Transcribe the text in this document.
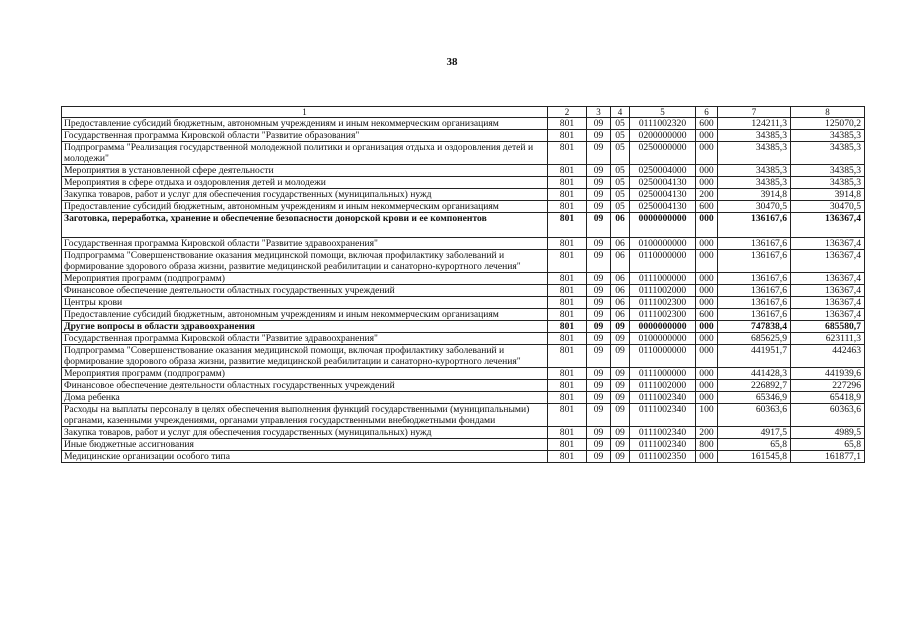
38
1	2	3	4	5	6	7	8
Предоставление субсидий бюджетным, автономным учреждениям и иным некоммерческим организациям	801	09	05	0111002320	600	124211,3	125070,2
Государственная программа Кировской области "Развитие образования"	801	09	05	0200000000	000	34385,3	34385,3
Подпрограмма "Реализация государственной молодежной политики и организация отдыха и оздоровления детей и молодежи"	801	09	05	0250000000	000	34385,3	34385,3
Мероприятия в установленной сфере деятельности	801	09	05	0250004000	000	34385,3	34385,3
Мероприятия в сфере отдыха и оздоровления детей и молодежи	801	09	05	0250004130	000	34385,3	34385,3
Закупка товаров, работ и услуг для обеспечения государственных (муниципальных) нужд	801	09	05	0250004130	200	3914,8	3914,8
Предоставление субсидий бюджетным, автономным учреждениям и иным некоммерческим организациям	801	09	05	0250004130	600	30470,5	30470,5
Заготовка, переработка, хранение и обеспечение безопасности донорской крови и ее компонентов	801	09	06	0000000000	000	136167,6	136367,4
Государственная программа Кировской области "Развитие здравоохранения"	801	09	06	0100000000	000	136167,6	136367,4
Подпрограмма "Совершенствование оказания медицинской помощи, включая профилактику заболеваний и формирование здорового образа жизни, развитие медицинской реабилитации и санаторно-курортного лечения"	801	09	06	0110000000	000	136167,6	136367,4
Мероприятия программ (подпрограмм)	801	09	06	0111000000	000	136167,6	136367,4
Финансовое обеспечение деятельности областных государственных учреждений	801	09	06	0111002000	000	136167,6	136367,4
Центры крови	801	09	06	0111002300	000	136167,6	136367,4
Предоставление субсидий бюджетным, автономным учреждениям и иным некоммерческим организациям	801	09	06	0111002300	600	136167,6	136367,4
Другие вопросы в области здравоохранения	801	09	09	0000000000	000	747838,4	685580,7
Государственная программа Кировской области "Развитие здравоохранения"	801	09	09	0100000000	000	685625,9	623111,3
Подпрограмма "Совершенствование оказания медицинской помощи, включая профилактику заболеваний и формирование здорового образа жизни, развитие медицинской реабилитации и санаторно-курортного лечения"	801	09	09	0110000000	000	441951,7	442463
Мероприятия программ (подпрограмм)	801	09	09	0111000000	000	441428,3	441939,6
Финансовое обеспечение деятельности областных государственных учреждений	801	09	09	0111002000	000	226892,7	227296
Дома ребенка	801	09	09	0111002340	000	65346,9	65418,9
Расходы на выплаты персоналу в целях обеспечения выполнения функций государственными (муниципальными) органами, казенными учреждениями, органами управления государственными внебюджетными фондами	801	09	09	0111002340	100	60363,6	60363,6
Закупка товаров, работ и услуг для обеспечения государственных (муниципальных) нужд	801	09	09	0111002340	200	4917,5	4989,5
Иные бюджетные ассигнования	801	09	09	0111002340	800	65,8	65,8
Медицинские организации особого типа	801	09	09	0111002350	000	161545,8	161877,1
